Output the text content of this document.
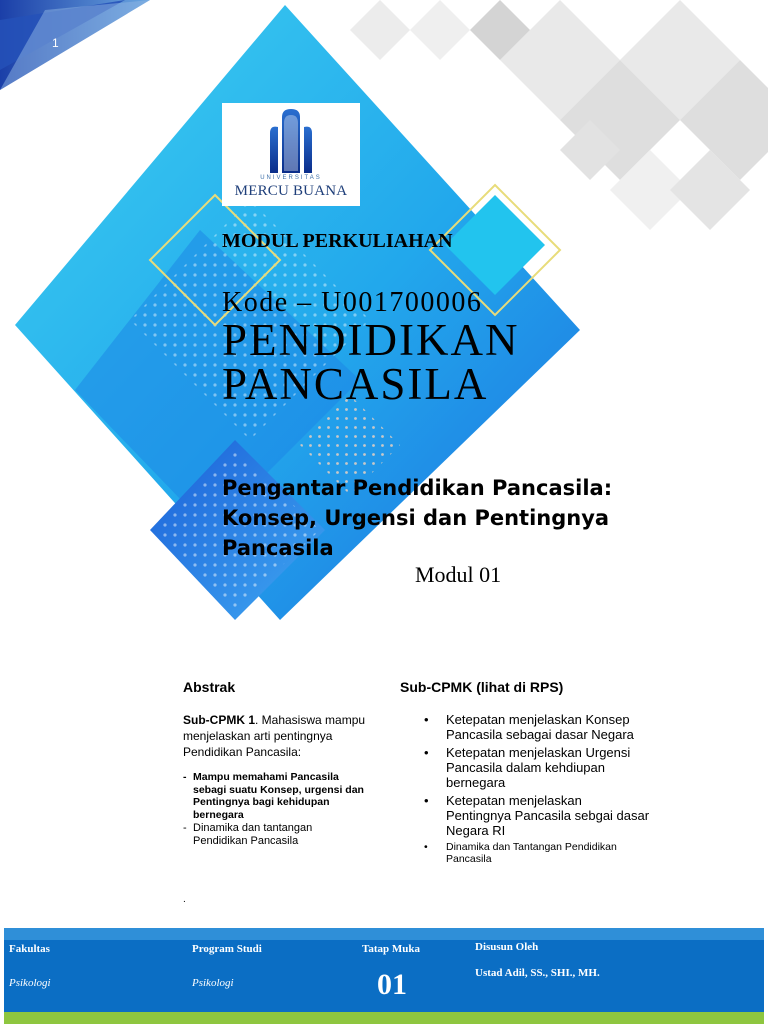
1
UNIVERSITAS
MERCU BUANA
MODUL PERKULIAHAN
Kode – U001700006
PENDIDIKAN
PANCASILA
Pengantar Pendidikan Pancasila:
Konsep, Urgensi dan Pentingnya
Pancasila
Modul 01
Abstrak
Sub-CPMK 1. Mahasiswa mampu
menjelaskan arti pentingnya
Pendidikan Pancasila:
- Mampu memahami Pancasila
sebagi suatu Konsep, urgensi dan
Pentingnya bagi kehidupan
bernegara
- Dinamika dan tantangan
Pendidikan Pancasila
.
Sub-CPMK (lihat di RPS)
• Ketepatan menjelaskan Konsep
Pancasila sebagai dasar Negara
• Ketepatan menjelaskan Urgensi
Pancasila dalam kehdiupan
bernegara
• Ketepatan menjelaskan
Pentingnya Pancasila sebgai dasar
Negara RI
• Dinamika dan Tantangan Pendidikan
Pancasila
Fakultas
Psikologi
Program Studi
Psikologi
Tatap Muka
01
Disusun Oleh
Ustad Adil, SS., SHI., MH.
